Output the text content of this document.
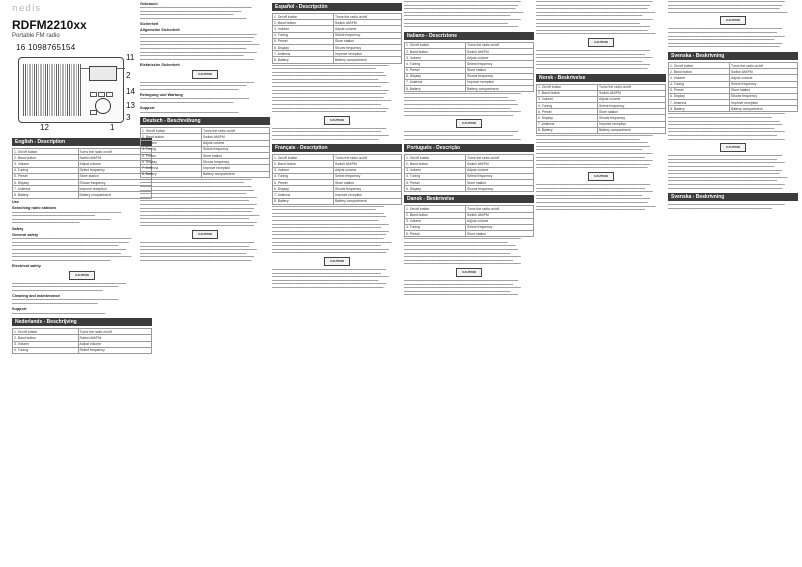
nedis
RDFM2210xx
Portable FM radio
16 1098765154
11
2
14
13
3
12	1
English - Description
1. On/off button	Turns the radio on/off
2. Band button	Switch AM/FM
3. Volume	Adjust volume
4. Tuning	Select frequency
5. Preset	Store station
6. Display	Shows frequency
7. Antenna	Improve reception
8. Battery	Battery compartment
Use
Searching radio stations
▬▬▬▬▬▬▬▬▬▬▬▬▬▬▬▬▬▬▬▬▬▬▬▬▬▬▬▬▬▬▬▬▬▬▬▬▬▬▬▬▬▬
▬▬▬▬▬▬▬▬▬▬▬▬▬▬▬▬▬▬▬▬▬▬▬▬▬▬▬▬▬▬▬▬
▬▬▬▬▬▬▬▬▬▬▬▬▬▬▬▬▬▬▬▬▬▬▬▬▬▬▬▬▬▬▬▬▬▬▬▬▬▬
▬▬▬▬▬▬▬▬▬▬▬▬▬▬▬▬▬▬▬▬▬▬▬▬▬▬
Safety
General safety
▬▬▬▬▬▬▬▬▬▬▬▬▬▬▬▬▬▬▬▬▬▬▬▬▬▬▬▬▬▬▬▬▬▬▬▬▬▬▬▬▬▬▬▬▬▬
▬▬▬▬▬▬▬▬▬▬▬▬▬▬▬▬▬▬▬▬▬▬▬▬▬▬▬▬▬▬▬▬▬▬▬▬▬▬▬▬▬▬▬▬▬
▬▬▬▬▬▬▬▬▬▬▬▬▬▬▬▬▬▬▬▬▬▬▬▬▬▬▬▬▬▬▬▬▬▬▬▬▬▬▬▬▬
▬▬▬▬▬▬▬▬▬▬▬▬▬▬▬▬▬▬▬▬▬▬▬▬▬▬▬▬▬▬▬▬▬▬▬▬▬▬▬▬▬▬▬▬
▬▬▬▬▬▬▬▬▬▬▬▬▬▬▬▬▬▬▬▬▬▬▬▬▬▬▬▬▬▬▬▬▬▬▬▬▬▬▬▬▬▬
▬▬▬▬▬▬▬▬▬▬▬▬▬▬▬▬▬▬▬▬▬▬▬▬▬▬▬▬▬▬▬▬▬▬▬▬▬▬▬▬▬▬▬▬▬▬
▬▬▬▬▬▬▬▬▬▬▬▬▬▬▬▬▬▬▬▬▬▬▬▬▬▬▬▬▬▬▬▬▬▬▬▬▬▬
Electrical safety
CAUTION
▬▬▬▬▬▬▬▬▬▬▬▬▬▬▬▬▬▬▬▬▬▬▬▬▬▬▬▬▬▬▬▬▬▬▬▬▬▬▬▬▬▬▬▬
▬▬▬▬▬▬▬▬▬▬▬▬▬▬▬▬▬▬▬▬▬▬▬▬▬▬▬▬▬▬▬▬▬▬▬▬▬▬▬▬▬
▬▬▬▬▬▬▬▬▬▬▬▬▬▬▬▬▬▬▬▬▬▬▬▬▬▬▬▬▬▬▬▬▬▬▬
Cleaning and maintenance
▬▬▬▬▬▬▬▬▬▬▬▬▬▬▬▬▬▬▬▬▬▬▬▬▬▬▬▬▬▬▬▬▬▬▬▬▬▬▬▬▬
▬▬▬▬▬▬▬▬▬▬▬▬▬▬▬▬▬▬▬▬▬▬▬▬▬▬▬▬▬▬▬▬▬
Support
▬▬▬▬▬▬▬▬▬▬▬▬▬▬▬▬▬▬▬▬▬▬▬▬▬▬▬▬▬▬▬▬▬▬▬▬
Nederlands - Beschrijving
1. On/off button	Turns the radio on/off
2. Band button	Switch AM/FM
3. Volume	Adjust volume
4. Tuning	Select frequency
Gebrauch
▬▬▬▬▬▬▬▬▬▬▬▬▬▬▬▬▬▬▬▬▬▬▬▬▬▬▬▬▬▬▬▬▬▬▬▬▬▬▬▬▬▬▬
▬▬▬▬▬▬▬▬▬▬▬▬▬▬▬▬▬▬▬▬▬▬▬▬▬▬▬▬▬▬▬▬▬▬▬▬▬▬▬
▬▬▬▬▬▬▬▬▬▬▬▬▬▬▬▬▬▬▬▬▬▬▬▬▬▬▬▬▬▬▬▬▬▬▬▬
▬▬▬▬▬▬▬▬▬▬▬▬▬▬▬▬▬▬▬▬▬▬▬▬▬▬▬▬▬▬▬▬▬▬▬▬▬▬▬▬▬
Sicherheit
Allgemeine Sicherheit
▬▬▬▬▬▬▬▬▬▬▬▬▬▬▬▬▬▬▬▬▬▬▬▬▬▬▬▬▬▬▬▬▬▬▬▬▬▬▬▬▬▬▬▬▬
▬▬▬▬▬▬▬▬▬▬▬▬▬▬▬▬▬▬▬▬▬▬▬▬▬▬▬▬▬▬▬▬▬▬▬▬▬▬▬▬▬▬▬▬
▬▬▬▬▬▬▬▬▬▬▬▬▬▬▬▬▬▬▬▬▬▬▬▬▬▬▬▬▬▬▬▬▬▬▬▬▬▬▬▬▬▬▬
▬▬▬▬▬▬▬▬▬▬▬▬▬▬▬▬▬▬▬▬▬▬▬▬▬▬▬▬▬▬▬▬▬▬▬▬▬▬▬▬▬▬▬▬▬▬
▬▬▬▬▬▬▬▬▬▬▬▬▬▬▬▬▬▬▬▬▬▬▬▬▬▬▬▬▬▬▬▬▬▬▬▬▬▬▬▬▬
▬▬▬▬▬▬▬▬▬▬▬▬▬▬▬▬▬▬▬▬▬▬▬▬▬▬▬▬▬▬▬▬▬▬▬▬▬▬▬▬▬▬▬▬▬
▬▬▬▬▬▬▬▬▬▬▬▬▬▬▬▬▬▬▬▬▬▬▬▬▬▬▬▬▬▬▬▬▬▬▬▬▬▬▬▬
▬▬▬▬▬▬▬▬▬▬▬▬▬▬▬▬▬▬▬▬▬▬▬▬▬▬▬▬▬▬▬▬▬▬▬▬▬▬▬▬▬▬▬▬
Elektrische Sicherheit
CAUTION
▬▬▬▬▬▬▬▬▬▬▬▬▬▬▬▬▬▬▬▬▬▬▬▬▬▬▬▬▬▬▬▬▬▬▬▬▬▬▬▬▬▬▬▬
▬▬▬▬▬▬▬▬▬▬▬▬▬▬▬▬▬▬▬▬▬▬▬▬▬▬▬▬▬▬▬▬▬▬▬▬▬▬▬▬▬
▬▬▬▬▬▬▬▬▬▬▬▬▬▬▬▬▬▬▬▬▬▬▬▬▬▬▬▬▬▬▬▬▬▬▬▬▬▬
Reinigung und Wartung
▬▬▬▬▬▬▬▬▬▬▬▬▬▬▬▬▬▬▬▬▬▬▬▬▬▬▬▬▬▬▬▬▬▬▬▬▬▬▬▬▬▬
▬▬▬▬▬▬▬▬▬▬▬▬▬▬▬▬▬▬▬▬▬▬▬▬▬▬▬▬▬▬▬▬▬▬▬▬
Support
▬▬▬▬▬▬▬▬▬▬▬▬▬▬▬▬▬▬▬▬▬▬▬▬▬▬▬▬▬▬▬▬▬▬▬▬▬▬
Deutsch - Beschreibung
1. On/off button	Turns the radio on/off
2. Band button	Switch AM/FM
3. Volume	Adjust volume
4. Tuning	Select frequency
5. Preset	Store station
6. Display	Shows frequency
7. Antenna	Improve reception
8. Battery	Battery compartment
▬▬▬▬▬▬▬▬▬▬▬▬▬▬▬▬▬▬▬▬▬▬▬▬▬▬▬▬▬▬▬▬▬▬▬▬▬▬▬▬▬▬▬
▬▬▬▬▬▬▬▬▬▬▬▬▬▬▬▬▬▬▬▬▬▬▬▬▬▬▬▬▬▬▬▬▬▬▬▬▬▬▬▬
▬▬▬▬▬▬▬▬▬▬▬▬▬▬▬▬▬▬▬▬▬▬▬▬▬▬▬▬▬▬▬▬▬▬▬▬▬▬▬▬▬▬▬
▬▬▬▬▬▬▬▬▬▬▬▬▬▬▬▬▬▬▬▬▬▬▬▬▬▬▬▬▬▬▬▬▬▬▬▬▬▬▬▬▬▬▬▬
▬▬▬▬▬▬▬▬▬▬▬▬▬▬▬▬▬▬▬▬▬▬▬▬▬▬▬▬▬▬▬▬▬▬▬▬▬▬▬▬▬
▬▬▬▬▬▬▬▬▬▬▬▬▬▬▬▬▬▬▬▬▬▬▬▬▬▬▬▬▬▬▬▬▬▬▬▬▬▬▬▬▬▬▬▬▬
▬▬▬▬▬▬▬▬▬▬▬▬▬▬▬▬▬▬▬▬▬▬▬▬▬▬▬▬▬▬▬▬▬▬▬▬▬▬▬▬▬▬
▬▬▬▬▬▬▬▬▬▬▬▬▬▬▬▬▬▬▬▬▬▬▬▬▬▬▬▬▬▬▬▬▬▬▬▬▬▬▬▬▬▬▬▬▬
▬▬▬▬▬▬▬▬▬▬▬▬▬▬▬▬▬▬▬▬▬▬▬▬▬▬▬▬▬▬▬▬▬▬▬▬▬▬▬▬▬▬▬▬
▬▬▬▬▬▬▬▬▬▬▬▬▬▬▬▬▬▬▬▬▬▬▬▬▬▬▬▬▬▬▬▬▬▬▬▬▬▬▬▬▬▬▬
▬▬▬▬▬▬▬▬▬▬▬▬▬▬▬▬▬▬▬▬▬▬▬▬▬▬▬▬▬▬▬▬▬▬▬▬▬▬▬▬▬▬▬▬▬▬
▬▬▬▬▬▬▬▬▬▬▬▬▬▬▬▬▬▬▬▬▬▬▬▬▬▬▬▬▬▬▬▬▬▬▬▬▬▬▬▬▬▬
▬▬▬▬▬▬▬▬▬▬▬▬▬▬▬▬▬▬▬▬▬▬▬▬▬▬▬▬▬▬▬▬▬▬▬▬▬▬▬▬▬▬▬▬▬
▬▬▬▬▬▬▬▬▬▬▬▬▬▬▬▬▬▬▬▬▬▬▬▬▬▬▬▬▬▬▬▬▬▬▬▬▬▬▬▬▬▬▬▬
CAUTION
▬▬▬▬▬▬▬▬▬▬▬▬▬▬▬▬▬▬▬▬▬▬▬▬▬▬▬▬▬▬▬▬▬▬▬▬▬▬▬▬▬▬▬▬
▬▬▬▬▬▬▬▬▬▬▬▬▬▬▬▬▬▬▬▬▬▬▬▬▬▬▬▬▬▬▬▬▬▬▬▬▬▬▬▬▬▬
▬▬▬▬▬▬▬▬▬▬▬▬▬▬▬▬▬▬▬▬▬▬▬▬▬▬▬▬▬▬▬▬▬▬▬▬▬▬▬▬▬▬▬▬▬
▬▬▬▬▬▬▬▬▬▬▬▬▬▬▬▬▬▬▬▬▬▬▬▬▬▬▬▬▬▬▬▬▬▬▬▬▬▬▬▬▬
▬▬▬▬▬▬▬▬▬▬▬▬▬▬▬▬▬▬▬▬▬▬▬▬▬▬▬▬▬▬▬▬▬▬▬▬▬▬▬▬▬▬▬▬
▬▬▬▬▬▬▬▬▬▬▬▬▬▬▬▬▬▬▬▬▬▬▬▬▬▬▬▬▬▬▬▬▬▬▬▬▬▬▬▬▬▬▬
Español - Descripción
1. On/off button	Turns the radio on/off
2. Band button	Switch AM/FM
3. Volume	Adjust volume
4. Tuning	Select frequency
5. Preset	Store station
6. Display	Shows frequency
7. Antenna	Improve reception
8. Battery	Battery compartment
▬▬▬▬▬▬▬▬▬▬▬▬▬▬▬▬▬▬▬▬▬▬▬▬▬▬▬▬▬▬▬▬▬▬▬▬▬▬▬▬▬▬▬▬▬
▬▬▬▬▬▬▬▬▬▬▬▬▬▬▬▬▬▬▬▬▬▬▬▬▬▬▬▬▬▬▬▬▬▬▬▬▬▬▬▬
▬▬▬▬▬▬▬▬▬▬▬▬▬▬▬▬▬▬▬▬▬▬▬▬▬▬▬▬▬▬▬▬▬▬▬▬▬▬▬▬▬▬▬
▬▬▬▬▬▬▬▬▬▬▬▬▬▬▬▬▬▬▬▬▬▬▬▬▬▬▬▬▬▬▬▬▬▬▬▬▬▬▬▬▬▬▬▬
▬▬▬▬▬▬▬▬▬▬▬▬▬▬▬▬▬▬▬▬▬▬▬▬▬▬▬▬▬▬▬▬▬▬▬▬▬▬▬▬▬
▬▬▬▬▬▬▬▬▬▬▬▬▬▬▬▬▬▬▬▬▬▬▬▬▬▬▬▬▬▬▬▬▬▬▬▬▬▬▬▬▬▬▬▬▬
▬▬▬▬▬▬▬▬▬▬▬▬▬▬▬▬▬▬▬▬▬▬▬▬▬▬▬▬▬▬▬▬▬▬▬▬▬▬▬▬▬▬
▬▬▬▬▬▬▬▬▬▬▬▬▬▬▬▬▬▬▬▬▬▬▬▬▬▬▬▬▬▬▬▬▬▬▬▬▬▬▬▬▬▬▬▬▬
▬▬▬▬▬▬▬▬▬▬▬▬▬▬▬▬▬▬▬▬▬▬▬▬▬▬▬▬▬▬▬▬▬▬▬▬▬▬▬▬▬▬▬▬
▬▬▬▬▬▬▬▬▬▬▬▬▬▬▬▬▬▬▬▬▬▬▬▬▬▬▬▬▬▬▬▬▬▬▬▬▬▬▬▬▬▬▬
▬▬▬▬▬▬▬▬▬▬▬▬▬▬▬▬▬▬▬▬▬▬▬▬▬▬▬▬▬▬▬▬▬▬▬▬▬▬▬▬▬▬▬▬▬▬
▬▬▬▬▬▬▬▬▬▬▬▬▬▬▬▬▬▬▬▬▬▬▬▬▬▬▬▬▬▬▬▬▬▬▬▬▬▬▬▬▬▬
▬▬▬▬▬▬▬▬▬▬▬▬▬▬▬▬▬▬▬▬▬▬▬▬▬▬▬▬▬▬▬▬▬▬▬▬▬▬▬▬▬▬▬▬▬
▬▬▬▬▬▬▬▬▬▬▬▬▬▬▬▬▬▬▬▬▬▬▬▬▬▬▬▬▬▬▬▬▬▬▬▬▬▬▬▬▬▬▬▬
CAUTION
▬▬▬▬▬▬▬▬▬▬▬▬▬▬▬▬▬▬▬▬▬▬▬▬▬▬▬▬▬▬▬▬▬▬▬▬▬▬▬▬▬▬▬▬
▬▬▬▬▬▬▬▬▬▬▬▬▬▬▬▬▬▬▬▬▬▬▬▬▬▬▬▬▬▬▬▬▬▬▬▬▬▬▬▬▬▬
▬▬▬▬▬▬▬▬▬▬▬▬▬▬▬▬▬▬▬▬▬▬▬▬▬▬▬▬▬▬▬▬▬▬▬▬▬▬▬▬▬▬▬▬▬
▬▬▬▬▬▬▬▬▬▬▬▬▬▬▬▬▬▬▬▬▬▬▬▬▬▬▬▬▬▬▬▬▬▬▬▬▬▬▬▬▬
Français - Description
1. On/off button	Turns the radio on/off
2. Band button	Switch AM/FM
3. Volume	Adjust volume
4. Tuning	Select frequency
5. Preset	Store station
6. Display	Shows frequency
7. Antenna	Improve reception
8. Battery	Battery compartment
▬▬▬▬▬▬▬▬▬▬▬▬▬▬▬▬▬▬▬▬▬▬▬▬▬▬▬▬▬▬▬▬▬▬▬▬▬▬▬▬▬▬▬
▬▬▬▬▬▬▬▬▬▬▬▬▬▬▬▬▬▬▬▬▬▬▬▬▬▬▬▬▬▬▬▬▬▬▬▬▬▬▬▬
▬▬▬▬▬▬▬▬▬▬▬▬▬▬▬▬▬▬▬▬▬▬▬▬▬▬▬▬▬▬▬▬▬▬▬▬▬▬▬▬▬▬▬
▬▬▬▬▬▬▬▬▬▬▬▬▬▬▬▬▬▬▬▬▬▬▬▬▬▬▬▬▬▬▬▬▬▬▬▬▬▬▬▬▬▬▬▬
▬▬▬▬▬▬▬▬▬▬▬▬▬▬▬▬▬▬▬▬▬▬▬▬▬▬▬▬▬▬▬▬▬▬▬▬▬▬▬▬▬
▬▬▬▬▬▬▬▬▬▬▬▬▬▬▬▬▬▬▬▬▬▬▬▬▬▬▬▬▬▬▬▬▬▬▬▬▬▬▬▬▬▬▬▬▬
▬▬▬▬▬▬▬▬▬▬▬▬▬▬▬▬▬▬▬▬▬▬▬▬▬▬▬▬▬▬▬▬▬▬▬▬▬▬▬▬▬▬
▬▬▬▬▬▬▬▬▬▬▬▬▬▬▬▬▬▬▬▬▬▬▬▬▬▬▬▬▬▬▬▬▬▬▬▬▬▬▬▬▬▬▬▬▬
▬▬▬▬▬▬▬▬▬▬▬▬▬▬▬▬▬▬▬▬▬▬▬▬▬▬▬▬▬▬▬▬▬▬▬▬▬▬▬▬▬▬▬▬
▬▬▬▬▬▬▬▬▬▬▬▬▬▬▬▬▬▬▬▬▬▬▬▬▬▬▬▬▬▬▬▬▬▬▬▬▬▬▬▬▬▬▬
▬▬▬▬▬▬▬▬▬▬▬▬▬▬▬▬▬▬▬▬▬▬▬▬▬▬▬▬▬▬▬▬▬▬▬▬▬▬▬▬▬▬▬▬▬▬
▬▬▬▬▬▬▬▬▬▬▬▬▬▬▬▬▬▬▬▬▬▬▬▬▬▬▬▬▬▬▬▬▬▬▬▬▬▬▬▬▬▬
▬▬▬▬▬▬▬▬▬▬▬▬▬▬▬▬▬▬▬▬▬▬▬▬▬▬▬▬▬▬▬▬▬▬▬▬▬▬▬▬▬▬▬▬▬
▬▬▬▬▬▬▬▬▬▬▬▬▬▬▬▬▬▬▬▬▬▬▬▬▬▬▬▬▬▬▬▬▬▬▬▬▬▬▬▬▬▬▬▬
CAUTION
▬▬▬▬▬▬▬▬▬▬▬▬▬▬▬▬▬▬▬▬▬▬▬▬▬▬▬▬▬▬▬▬▬▬▬▬▬▬▬▬▬▬▬▬
▬▬▬▬▬▬▬▬▬▬▬▬▬▬▬▬▬▬▬▬▬▬▬▬▬▬▬▬▬▬▬▬▬▬▬▬▬▬▬▬▬▬
▬▬▬▬▬▬▬▬▬▬▬▬▬▬▬▬▬▬▬▬▬▬▬▬▬▬▬▬▬▬▬▬▬▬▬▬▬▬▬▬▬▬▬▬▬
▬▬▬▬▬▬▬▬▬▬▬▬▬▬▬▬▬▬▬▬▬▬▬▬▬▬▬▬▬▬▬▬▬▬▬▬▬▬▬▬▬
▬▬▬▬▬▬▬▬▬▬▬▬▬▬▬▬▬▬▬▬▬▬▬▬▬▬▬▬▬▬▬▬▬▬▬▬▬▬▬▬▬▬▬▬
▬▬▬▬▬▬▬▬▬▬▬▬▬▬▬▬▬▬▬▬▬▬▬▬▬▬▬▬▬▬▬▬▬▬▬▬▬▬▬▬▬▬▬
▬▬▬▬▬▬▬▬▬▬▬▬▬▬▬▬▬▬▬▬▬▬▬▬▬▬▬▬▬▬▬▬▬▬▬▬▬▬▬▬▬▬▬▬▬
▬▬▬▬▬▬▬▬▬▬▬▬▬▬▬▬▬▬▬▬▬▬▬▬▬▬▬▬▬▬▬▬▬▬▬▬▬▬▬▬▬▬▬▬
▬▬▬▬▬▬▬▬▬▬▬▬▬▬▬▬▬▬▬▬▬▬▬▬▬▬▬▬▬▬▬▬▬▬▬▬▬▬▬▬▬▬▬
▬▬▬▬▬▬▬▬▬▬▬▬▬▬▬▬▬▬▬▬▬▬▬▬▬▬▬▬▬▬▬▬▬▬▬▬▬▬▬▬▬▬▬▬▬▬
▬▬▬▬▬▬▬▬▬▬▬▬▬▬▬▬▬▬▬▬▬▬▬▬▬▬▬▬▬▬▬▬▬▬▬▬▬▬▬▬▬
▬▬▬▬▬▬▬▬▬▬▬▬▬▬▬▬▬▬▬▬▬▬▬▬▬▬▬▬▬▬▬▬▬▬▬▬▬▬▬▬▬▬▬▬▬
▬▬▬▬▬▬▬▬▬▬▬▬▬▬▬▬▬▬▬▬▬▬▬▬▬▬▬▬▬▬▬▬▬▬▬▬▬▬▬▬
▬▬▬▬▬▬▬▬▬▬▬▬▬▬▬▬▬▬▬▬▬▬▬▬▬▬▬▬▬▬▬▬▬▬▬▬▬▬▬▬▬▬▬▬
Italiano - Descrizione
1. On/off button	Turns the radio on/off
2. Band button	Switch AM/FM
3. Volume	Adjust volume
4. Tuning	Select frequency
5. Preset	Store station
6. Display	Shows frequency
7. Antenna	Improve reception
8. Battery	Battery compartment
▬▬▬▬▬▬▬▬▬▬▬▬▬▬▬▬▬▬▬▬▬▬▬▬▬▬▬▬▬▬▬▬▬▬▬▬▬▬▬▬▬▬▬▬▬
▬▬▬▬▬▬▬▬▬▬▬▬▬▬▬▬▬▬▬▬▬▬▬▬▬▬▬▬▬▬▬▬▬▬▬▬▬▬▬▬
▬▬▬▬▬▬▬▬▬▬▬▬▬▬▬▬▬▬▬▬▬▬▬▬▬▬▬▬▬▬▬▬▬▬▬▬▬▬▬▬▬▬▬
▬▬▬▬▬▬▬▬▬▬▬▬▬▬▬▬▬▬▬▬▬▬▬▬▬▬▬▬▬▬▬▬▬▬▬▬▬▬▬▬▬▬▬▬
▬▬▬▬▬▬▬▬▬▬▬▬▬▬▬▬▬▬▬▬▬▬▬▬▬▬▬▬▬▬▬▬▬▬▬▬▬▬▬▬▬
▬▬▬▬▬▬▬▬▬▬▬▬▬▬▬▬▬▬▬▬▬▬▬▬▬▬▬▬▬▬▬▬▬▬▬▬▬▬▬▬▬▬▬▬▬
▬▬▬▬▬▬▬▬▬▬▬▬▬▬▬▬▬▬▬▬▬▬▬▬▬▬▬▬▬▬▬▬▬▬▬▬▬▬▬▬▬▬
CAUTION
▬▬▬▬▬▬▬▬▬▬▬▬▬▬▬▬▬▬▬▬▬▬▬▬▬▬▬▬▬▬▬▬▬▬▬▬▬▬▬▬▬▬▬▬
▬▬▬▬▬▬▬▬▬▬▬▬▬▬▬▬▬▬▬▬▬▬▬▬▬▬▬▬▬▬▬▬▬▬▬▬▬▬▬▬▬▬
▬▬▬▬▬▬▬▬▬▬▬▬▬▬▬▬▬▬▬▬▬▬▬▬▬▬▬▬▬▬▬▬▬▬▬▬▬▬▬▬▬▬▬▬▬
Português - Descrição
1. On/off button	Turns the radio on/off
2. Band button	Switch AM/FM
3. Volume	Adjust volume
4. Tuning	Select frequency
5. Preset	Store station
6. Display	Shows frequency
Dansk - Beskrivelse
1. On/off button	Turns the radio on/off
2. Band button	Switch AM/FM
3. Volume	Adjust volume
4. Tuning	Select frequency
5. Preset	Store station
▬▬▬▬▬▬▬▬▬▬▬▬▬▬▬▬▬▬▬▬▬▬▬▬▬▬▬▬▬▬▬▬▬▬▬▬▬▬▬▬▬▬▬▬▬
▬▬▬▬▬▬▬▬▬▬▬▬▬▬▬▬▬▬▬▬▬▬▬▬▬▬▬▬▬▬▬▬▬▬▬▬▬▬▬▬
▬▬▬▬▬▬▬▬▬▬▬▬▬▬▬▬▬▬▬▬▬▬▬▬▬▬▬▬▬▬▬▬▬▬▬▬▬▬▬▬▬▬▬
▬▬▬▬▬▬▬▬▬▬▬▬▬▬▬▬▬▬▬▬▬▬▬▬▬▬▬▬▬▬▬▬▬▬▬▬▬▬▬▬▬▬▬▬
▬▬▬▬▬▬▬▬▬▬▬▬▬▬▬▬▬▬▬▬▬▬▬▬▬▬▬▬▬▬▬▬▬▬▬▬▬▬▬▬▬
▬▬▬▬▬▬▬▬▬▬▬▬▬▬▬▬▬▬▬▬▬▬▬▬▬▬▬▬▬▬▬▬▬▬▬▬▬▬▬▬▬▬▬▬▬
▬▬▬▬▬▬▬▬▬▬▬▬▬▬▬▬▬▬▬▬▬▬▬▬▬▬▬▬▬▬▬▬▬▬▬▬▬▬▬▬▬▬
▬▬▬▬▬▬▬▬▬▬▬▬▬▬▬▬▬▬▬▬▬▬▬▬▬▬▬▬▬▬▬▬▬▬▬▬▬▬▬▬▬▬▬▬▬
CAUTION
▬▬▬▬▬▬▬▬▬▬▬▬▬▬▬▬▬▬▬▬▬▬▬▬▬▬▬▬▬▬▬▬▬▬▬▬▬▬▬▬▬▬▬▬
▬▬▬▬▬▬▬▬▬▬▬▬▬▬▬▬▬▬▬▬▬▬▬▬▬▬▬▬▬▬▬▬▬▬▬▬▬▬▬▬▬▬
▬▬▬▬▬▬▬▬▬▬▬▬▬▬▬▬▬▬▬▬▬▬▬▬▬▬▬▬▬▬▬▬▬▬▬▬▬▬▬▬▬▬▬▬▬
▬▬▬▬▬▬▬▬▬▬▬▬▬▬▬▬▬▬▬▬▬▬▬▬▬▬▬▬▬▬▬▬▬▬▬▬▬▬▬▬▬
▬▬▬▬▬▬▬▬▬▬▬▬▬▬▬▬▬▬▬▬▬▬▬▬▬▬▬▬▬▬▬▬▬▬▬▬▬▬▬▬▬▬▬▬
▬▬▬▬▬▬▬▬▬▬▬▬▬▬▬▬▬▬▬▬▬▬▬▬▬▬▬▬▬▬▬▬▬▬▬▬▬▬▬▬▬▬▬▬▬
▬▬▬▬▬▬▬▬▬▬▬▬▬▬▬▬▬▬▬▬▬▬▬▬▬▬▬▬▬▬▬▬▬▬▬▬▬▬▬▬▬▬▬▬
▬▬▬▬▬▬▬▬▬▬▬▬▬▬▬▬▬▬▬▬▬▬▬▬▬▬▬▬▬▬▬▬▬▬▬▬▬▬▬▬▬▬▬
▬▬▬▬▬▬▬▬▬▬▬▬▬▬▬▬▬▬▬▬▬▬▬▬▬▬▬▬▬▬▬▬▬▬▬▬▬▬▬▬▬▬▬▬▬▬
▬▬▬▬▬▬▬▬▬▬▬▬▬▬▬▬▬▬▬▬▬▬▬▬▬▬▬▬▬▬▬▬▬▬▬▬▬▬▬▬▬
▬▬▬▬▬▬▬▬▬▬▬▬▬▬▬▬▬▬▬▬▬▬▬▬▬▬▬▬▬▬▬▬▬▬▬▬▬▬▬▬▬▬▬▬▬
▬▬▬▬▬▬▬▬▬▬▬▬▬▬▬▬▬▬▬▬▬▬▬▬▬▬▬▬▬▬▬▬▬▬▬▬▬▬▬▬
▬▬▬▬▬▬▬▬▬▬▬▬▬▬▬▬▬▬▬▬▬▬▬▬▬▬▬▬▬▬▬▬▬▬▬▬▬▬▬▬▬▬▬▬
▬▬▬▬▬▬▬▬▬▬▬▬▬▬▬▬▬▬▬▬▬▬▬▬▬▬▬▬▬▬▬▬▬▬▬▬▬▬▬▬▬▬▬
▬▬▬▬▬▬▬▬▬▬▬▬▬▬▬▬▬▬▬▬▬▬▬▬▬▬▬▬▬▬▬▬▬▬▬▬▬▬▬▬▬▬▬▬▬▬
CAUTION
▬▬▬▬▬▬▬▬▬▬▬▬▬▬▬▬▬▬▬▬▬▬▬▬▬▬▬▬▬▬▬▬▬▬▬▬▬▬▬▬▬▬▬▬
▬▬▬▬▬▬▬▬▬▬▬▬▬▬▬▬▬▬▬▬▬▬▬▬▬▬▬▬▬▬▬▬▬▬▬▬▬▬▬▬▬▬
▬▬▬▬▬▬▬▬▬▬▬▬▬▬▬▬▬▬▬▬▬▬▬▬▬▬▬▬▬▬▬▬▬▬▬▬▬▬▬▬▬▬▬▬▬
▬▬▬▬▬▬▬▬▬▬▬▬▬▬▬▬▬▬▬▬▬▬▬▬▬▬▬▬▬▬▬▬▬▬▬▬▬▬▬▬▬
▬▬▬▬▬▬▬▬▬▬▬▬▬▬▬▬▬▬▬▬▬▬▬▬▬▬▬▬▬▬▬▬▬▬▬▬▬▬▬▬▬▬▬▬
▬▬▬▬▬▬▬▬▬▬▬▬▬▬▬▬▬▬▬▬▬▬▬▬▬▬▬▬▬▬▬▬▬▬▬▬▬▬▬▬▬▬▬
Norsk - Beskrivelse
1. On/off button	Turns the radio on/off
2. Band button	Switch AM/FM
3. Volume	Adjust volume
4. Tuning	Select frequency
5. Preset	Store station
6. Display	Shows frequency
7. Antenna	Improve reception
8. Battery	Battery compartment
▬▬▬▬▬▬▬▬▬▬▬▬▬▬▬▬▬▬▬▬▬▬▬▬▬▬▬▬▬▬▬▬▬▬▬▬▬▬▬▬▬▬▬▬▬
▬▬▬▬▬▬▬▬▬▬▬▬▬▬▬▬▬▬▬▬▬▬▬▬▬▬▬▬▬▬▬▬▬▬▬▬▬▬▬▬
▬▬▬▬▬▬▬▬▬▬▬▬▬▬▬▬▬▬▬▬▬▬▬▬▬▬▬▬▬▬▬▬▬▬▬▬▬▬▬▬▬▬▬
▬▬▬▬▬▬▬▬▬▬▬▬▬▬▬▬▬▬▬▬▬▬▬▬▬▬▬▬▬▬▬▬▬▬▬▬▬▬▬▬▬▬▬▬
▬▬▬▬▬▬▬▬▬▬▬▬▬▬▬▬▬▬▬▬▬▬▬▬▬▬▬▬▬▬▬▬▬▬▬▬▬▬▬▬▬
▬▬▬▬▬▬▬▬▬▬▬▬▬▬▬▬▬▬▬▬▬▬▬▬▬▬▬▬▬▬▬▬▬▬▬▬▬▬▬▬▬▬▬▬▬
▬▬▬▬▬▬▬▬▬▬▬▬▬▬▬▬▬▬▬▬▬▬▬▬▬▬▬▬▬▬▬▬▬▬▬▬▬▬▬▬▬▬
▬▬▬▬▬▬▬▬▬▬▬▬▬▬▬▬▬▬▬▬▬▬▬▬▬▬▬▬▬▬▬▬▬▬▬▬▬▬▬▬▬▬▬▬▬
▬▬▬▬▬▬▬▬▬▬▬▬▬▬▬▬▬▬▬▬▬▬▬▬▬▬▬▬▬▬▬▬▬▬▬▬▬▬▬▬▬▬▬▬
▬▬▬▬▬▬▬▬▬▬▬▬▬▬▬▬▬▬▬▬▬▬▬▬▬▬▬▬▬▬▬▬▬▬▬▬▬▬▬▬▬▬▬
CAUTION
▬▬▬▬▬▬▬▬▬▬▬▬▬▬▬▬▬▬▬▬▬▬▬▬▬▬▬▬▬▬▬▬▬▬▬▬▬▬▬▬▬▬▬▬
▬▬▬▬▬▬▬▬▬▬▬▬▬▬▬▬▬▬▬▬▬▬▬▬▬▬▬▬▬▬▬▬▬▬▬▬▬▬▬▬▬▬
▬▬▬▬▬▬▬▬▬▬▬▬▬▬▬▬▬▬▬▬▬▬▬▬▬▬▬▬▬▬▬▬▬▬▬▬▬▬▬▬▬▬▬▬▬
▬▬▬▬▬▬▬▬▬▬▬▬▬▬▬▬▬▬▬▬▬▬▬▬▬▬▬▬▬▬▬▬▬▬▬▬▬▬▬▬▬
▬▬▬▬▬▬▬▬▬▬▬▬▬▬▬▬▬▬▬▬▬▬▬▬▬▬▬▬▬▬▬▬▬▬▬▬▬▬▬▬▬▬▬▬
▬▬▬▬▬▬▬▬▬▬▬▬▬▬▬▬▬▬▬▬▬▬▬▬▬▬▬▬▬▬▬▬▬▬▬▬▬▬▬▬▬▬▬
▬▬▬▬▬▬▬▬▬▬▬▬▬▬▬▬▬▬▬▬▬▬▬▬▬▬▬▬▬▬▬▬▬▬▬▬▬▬▬▬▬▬▬▬▬▬
▬▬▬▬▬▬▬▬▬▬▬▬▬▬▬▬▬▬▬▬▬▬▬▬▬▬▬▬▬▬▬▬▬▬▬▬▬▬▬▬▬▬
▬▬▬▬▬▬▬▬▬▬▬▬▬▬▬▬▬▬▬▬▬▬▬▬▬▬▬▬▬▬▬▬▬▬▬▬▬▬▬▬▬▬▬▬▬
▬▬▬▬▬▬▬▬▬▬▬▬▬▬▬▬▬▬▬▬▬▬▬▬▬▬▬▬▬▬▬▬▬▬▬▬▬▬▬▬▬▬▬▬
▬▬▬▬▬▬▬▬▬▬▬▬▬▬▬▬▬▬▬▬▬▬▬▬▬▬▬▬▬▬▬▬▬▬▬▬▬▬▬▬▬▬▬
▬▬▬▬▬▬▬▬▬▬▬▬▬▬▬▬▬▬▬▬▬▬▬▬▬▬▬▬▬▬▬▬▬▬▬▬▬▬▬▬▬▬▬▬▬▬
CAUTION
▬▬▬▬▬▬▬▬▬▬▬▬▬▬▬▬▬▬▬▬▬▬▬▬▬▬▬▬▬▬▬▬▬▬▬▬▬▬▬▬▬▬▬▬
▬▬▬▬▬▬▬▬▬▬▬▬▬▬▬▬▬▬▬▬▬▬▬▬▬▬▬▬▬▬▬▬▬▬▬▬▬▬▬▬▬▬
▬▬▬▬▬▬▬▬▬▬▬▬▬▬▬▬▬▬▬▬▬▬▬▬▬▬▬▬▬▬▬▬▬▬▬▬▬▬▬▬▬▬▬▬▬
▬▬▬▬▬▬▬▬▬▬▬▬▬▬▬▬▬▬▬▬▬▬▬▬▬▬▬▬▬▬▬▬▬▬▬▬▬▬▬▬▬
▬▬▬▬▬▬▬▬▬▬▬▬▬▬▬▬▬▬▬▬▬▬▬▬▬▬▬▬▬▬▬▬▬▬▬▬▬▬▬▬▬▬▬▬
▬▬▬▬▬▬▬▬▬▬▬▬▬▬▬▬▬▬▬▬▬▬▬▬▬▬▬▬▬▬▬▬▬▬▬▬▬▬▬▬▬▬▬
Svenska - Beskrivning
1. On/off button	Turns the radio on/off
2. Band button	Switch AM/FM
3. Volume	Adjust volume
4. Tuning	Select frequency
5. Preset	Store station
6. Display	Shows frequency
7. Antenna	Improve reception
8. Battery	Battery compartment
▬▬▬▬▬▬▬▬▬▬▬▬▬▬▬▬▬▬▬▬▬▬▬▬▬▬▬▬▬▬▬▬▬▬▬▬▬▬▬▬▬▬▬▬▬
▬▬▬▬▬▬▬▬▬▬▬▬▬▬▬▬▬▬▬▬▬▬▬▬▬▬▬▬▬▬▬▬▬▬▬▬▬▬▬▬
▬▬▬▬▬▬▬▬▬▬▬▬▬▬▬▬▬▬▬▬▬▬▬▬▬▬▬▬▬▬▬▬▬▬▬▬▬▬▬▬▬▬▬
▬▬▬▬▬▬▬▬▬▬▬▬▬▬▬▬▬▬▬▬▬▬▬▬▬▬▬▬▬▬▬▬▬▬▬▬▬▬▬▬▬▬▬▬
▬▬▬▬▬▬▬▬▬▬▬▬▬▬▬▬▬▬▬▬▬▬▬▬▬▬▬▬▬▬▬▬▬▬▬▬▬▬▬▬▬
▬▬▬▬▬▬▬▬▬▬▬▬▬▬▬▬▬▬▬▬▬▬▬▬▬▬▬▬▬▬▬▬▬▬▬▬▬▬▬▬▬▬▬▬▬
▬▬▬▬▬▬▬▬▬▬▬▬▬▬▬▬▬▬▬▬▬▬▬▬▬▬▬▬▬▬▬▬▬▬▬▬▬▬▬▬▬▬
▬▬▬▬▬▬▬▬▬▬▬▬▬▬▬▬▬▬▬▬▬▬▬▬▬▬▬▬▬▬▬▬▬▬▬▬▬▬▬▬▬▬▬▬▬
CAUTION
▬▬▬▬▬▬▬▬▬▬▬▬▬▬▬▬▬▬▬▬▬▬▬▬▬▬▬▬▬▬▬▬▬▬▬▬▬▬▬▬▬▬▬▬
▬▬▬▬▬▬▬▬▬▬▬▬▬▬▬▬▬▬▬▬▬▬▬▬▬▬▬▬▬▬▬▬▬▬▬▬▬▬▬▬▬▬
▬▬▬▬▬▬▬▬▬▬▬▬▬▬▬▬▬▬▬▬▬▬▬▬▬▬▬▬▬▬▬▬▬▬▬▬▬▬▬▬▬▬▬▬▬
▬▬▬▬▬▬▬▬▬▬▬▬▬▬▬▬▬▬▬▬▬▬▬▬▬▬▬▬▬▬▬▬▬▬▬▬▬▬▬▬▬
▬▬▬▬▬▬▬▬▬▬▬▬▬▬▬▬▬▬▬▬▬▬▬▬▬▬▬▬▬▬▬▬▬▬▬▬▬▬▬▬▬▬▬▬
▬▬▬▬▬▬▬▬▬▬▬▬▬▬▬▬▬▬▬▬▬▬▬▬▬▬▬▬▬▬▬▬▬▬▬▬▬▬▬▬▬▬▬
▬▬▬▬▬▬▬▬▬▬▬▬▬▬▬▬▬▬▬▬▬▬▬▬▬▬▬▬▬▬▬▬▬▬▬▬▬▬▬▬▬▬▬▬▬▬
▬▬▬▬▬▬▬▬▬▬▬▬▬▬▬▬▬▬▬▬▬▬▬▬▬▬▬▬▬▬▬▬▬▬▬▬▬▬▬▬▬▬
▬▬▬▬▬▬▬▬▬▬▬▬▬▬▬▬▬▬▬▬▬▬▬▬▬▬▬▬▬▬▬▬▬▬▬▬▬▬▬▬▬▬▬▬▬
▬▬▬▬▬▬▬▬▬▬▬▬▬▬▬▬▬▬▬▬▬▬▬▬▬▬▬▬▬▬▬▬▬▬▬▬▬▬▬▬▬▬▬▬
Svenska - Beskrivning
▬▬▬▬▬▬▬▬▬▬▬▬▬▬▬▬▬▬▬▬▬▬▬▬▬▬▬▬▬▬▬▬▬▬▬▬▬▬▬▬▬▬▬▬▬
▬▬▬▬▬▬▬▬▬▬▬▬▬▬▬▬▬▬▬▬▬▬▬▬▬▬▬▬▬▬▬▬▬▬▬▬▬▬▬▬
